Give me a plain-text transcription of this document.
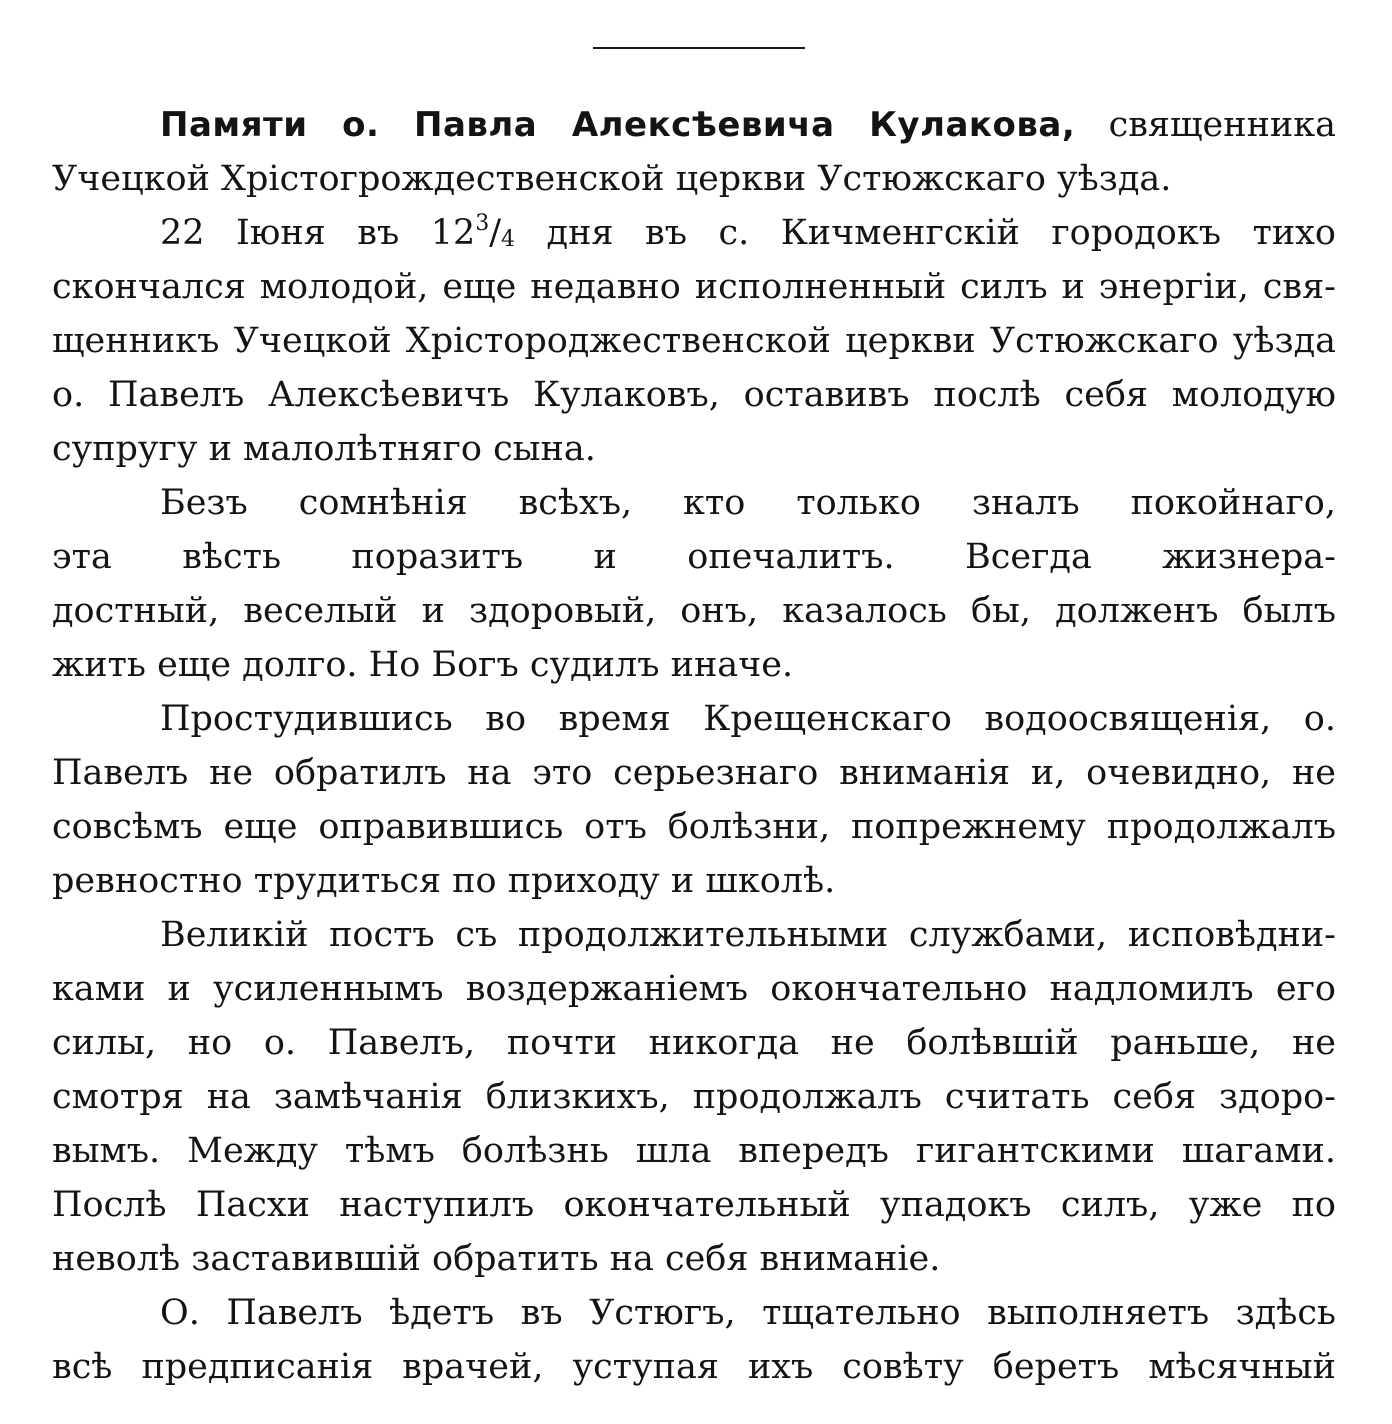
Памяти о. Павла Алексѣевича Кулакова, священника
Учецкой Хрістогрождественской церкви Устюжскаго уѣзда.
22 Іюня въ $12^3/_4$ дня въ с. Кичменгскій городокъ тихо
скончался молодой, еще недавно исполненный силъ и энергіи, свя-
щенникъ Учецкой Хрістороджественской церкви Устюжскаго уѣзда
о. Павелъ Алексѣевичъ Кулаковъ, оставивъ послѣ себя молодую
супругу и малолѣтняго сына.
Безъ сомнѣнія всѣхъ, кто только зналъ покойнаго,
эта вѣсть поразитъ и опечалитъ. Всегда жизнера-
достный, веселый и здоровый, онъ, казалось бы, долженъ былъ
жить еще долго. Но Богъ судилъ иначе.
Простудившись во время Крещенскаго водоосвященія, о.
Павелъ не обратилъ на это серьезнаго вниманія и, очевидно, не
совсѣмъ еще оправившись отъ болѣзни, попрежнему продолжалъ
ревностно трудиться по приходу и школѣ.
Великій постъ съ продолжительными службами, исповѣдни-
ками и усиленнымъ воздержаніемъ окончательно надломилъ его
силы, но о. Павелъ, почти никогда не болѣвшій раньше, не
смотря на замѣчанія близкихъ, продолжалъ считать себя здоро-
вымъ. Между тѣмъ болѣзнь шла впередъ гигантскими шагами.
Послѣ Пасхи наступилъ окончательный упадокъ силъ, уже по
неволѣ заставившій обратить на себя вниманіе.
О. Павелъ ѣдетъ въ Устюгъ, тщательно выполняетъ здѣсь
всѣ предписанія врачей, уступая ихъ совѣту беретъ мѣсячный
